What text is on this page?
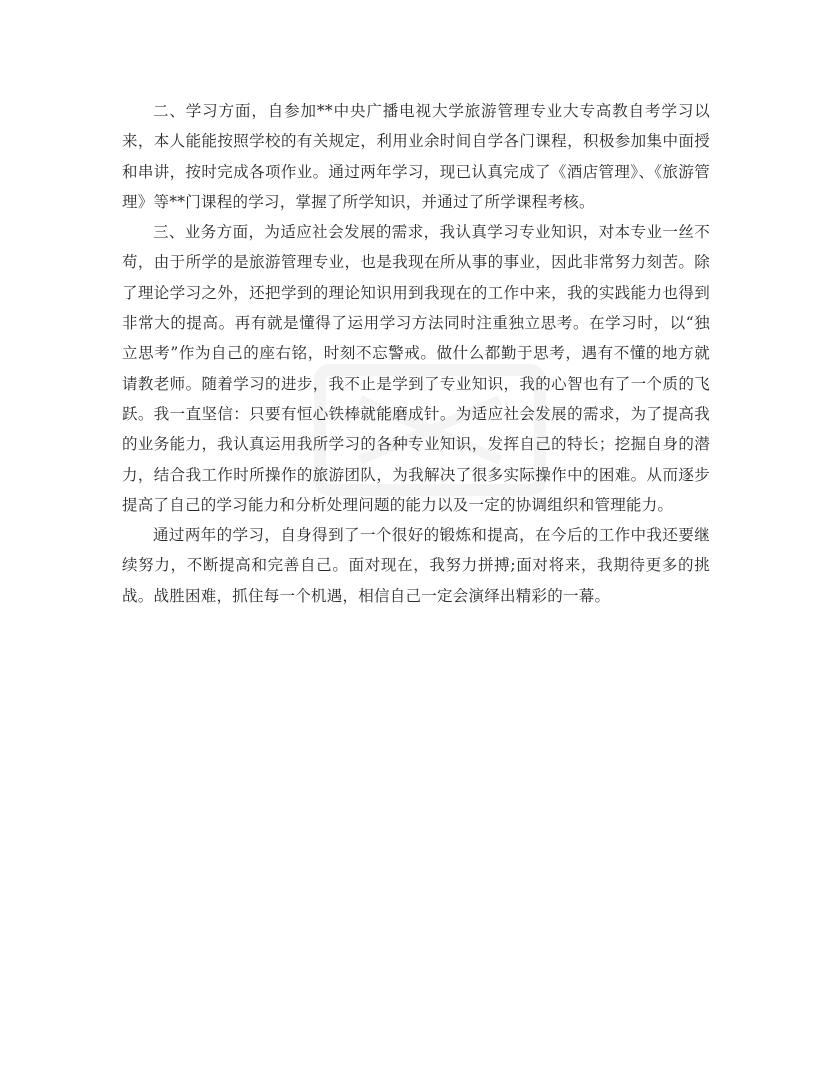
二、学习方面，自参加**中央广播电视大学旅游管理专业大专高教自考学习以来，本人能能按照学校的有关规定，利用业余时间自学各门课程，积极参加集中面授和串讲，按时完成各项作业。通过两年学习，现已认真完成了《酒店管理》、《旅游管理》等**门课程的学习，掌握了所学知识，并通过了所学课程考核。

三、业务方面，为适应社会发展的需求，我认真学习专业知识，对本专业一丝不苟，由于所学的是旅游管理专业，也是我现在所从事的事业，因此非常努力刻苦。除了理论学习之外，还把学到的理论知识用到我现在的工作中来，我的实践能力也得到非常大的提高。再有就是懂得了运用学习方法同时注重独立思考。在学习时，以“独立思考”作为自己的座右铭，时刻不忘警戒。做什么都勤于思考，遇有不懂的地方就请教老师。随着学习的进步，我不止是学到了专业知识，我的心智也有了一个质的飞跃。我一直坚信：只要有恒心铁棒就能磨成针。为适应社会发展的需求，为了提高我的业务能力，我认真运用我所学习的各种专业知识，发挥自己的特长；挖掘自身的潜力，结合我工作时所操作的旅游团队，为我解决了很多实际操作中的困难。从而逐步提高了自己的学习能力和分析处理问题的能力以及一定的协调组织和管理能力。

通过两年的学习，自身得到了一个很好的锻炼和提高，在今后的工作中我还要继续努力，不断提高和完善自己。面对现在，我努力拼搏;面对将来，我期待更多的挑战。战胜困难，抓住每一个机遇，相信自己一定会演绎出精彩的一幕。
